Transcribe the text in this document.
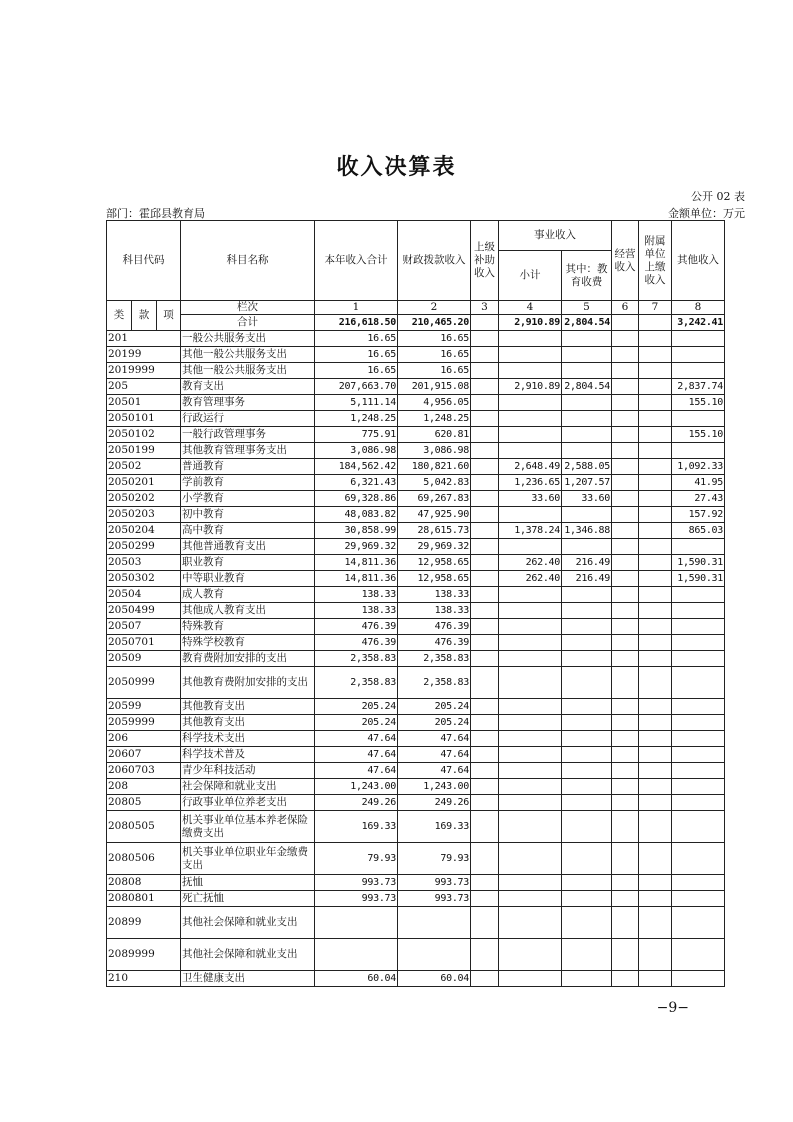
收入决算表
公开 02 表
部门：霍邱县教育局	金额单位：万元
科目代码			科目名称	本年收入合计	财政拨款收入	上级补助收入	事业收入		经营收入	附属单位上缴收入	其他收入
							小计	其中：教育收费			
类	款	项	栏次	1	2	3	4	5	6	7	8
			合计	216,618.50	210,465.20		2,910.89	2,804.54			3,242.41
201			一般公共服务支出	16.65	16.65						
20199			其他一般公共服务支出	16.65	16.65						
2019999			其他一般公共服务支出	16.65	16.65						
205			教育支出	207,663.70	201,915.08		2,910.89	2,804.54			2,837.74
20501			教育管理事务	5,111.14	4,956.05						155.10
2050101			行政运行	1,248.25	1,248.25						
2050102			一般行政管理事务	775.91	620.81						155.10
2050199			其他教育管理事务支出	3,086.98	3,086.98						
20502			普通教育	184,562.42	180,821.60		2,648.49	2,588.05			1,092.33
2050201			学前教育	6,321.43	5,042.83		1,236.65	1,207.57			41.95
2050202			小学教育	69,328.86	69,267.83		33.60	33.60			27.43
2050203			初中教育	48,083.82	47,925.90						157.92
2050204			高中教育	30,858.99	28,615.73		1,378.24	1,346.88			865.03
2050299			其他普通教育支出	29,969.32	29,969.32						
20503			职业教育	14,811.36	12,958.65		262.40	216.49			1,590.31
2050302			中等职业教育	14,811.36	12,958.65		262.40	216.49			1,590.31
20504			成人教育	138.33	138.33						
2050499			其他成人教育支出	138.33	138.33						
20507			特殊教育	476.39	476.39						
2050701			特殊学校教育	476.39	476.39						
20509			教育费附加安排的支出	2,358.83	2,358.83						
2050999			其他教育费附加安排的支出	2,358.83	2,358.83						
20599			其他教育支出	205.24	205.24						
2059999			其他教育支出	205.24	205.24						
206			科学技术支出	47.64	47.64						
20607			科学技术普及	47.64	47.64						
2060703			青少年科技活动	47.64	47.64						
208			社会保障和就业支出	1,243.00	1,243.00						
20805			行政事业单位养老支出	249.26	249.26						
2080505			机关事业单位基本养老保险缴费支出	169.33	169.33						
2080506			机关事业单位职业年金缴费支出	79.93	79.93						
20808			抚恤	993.73	993.73						
2080801			死亡抚恤	993.73	993.73						
20899			其他社会保障和就业支出								
2089999			其他社会保障和就业支出								
210			卫生健康支出	60.04	60.04						
−9−
